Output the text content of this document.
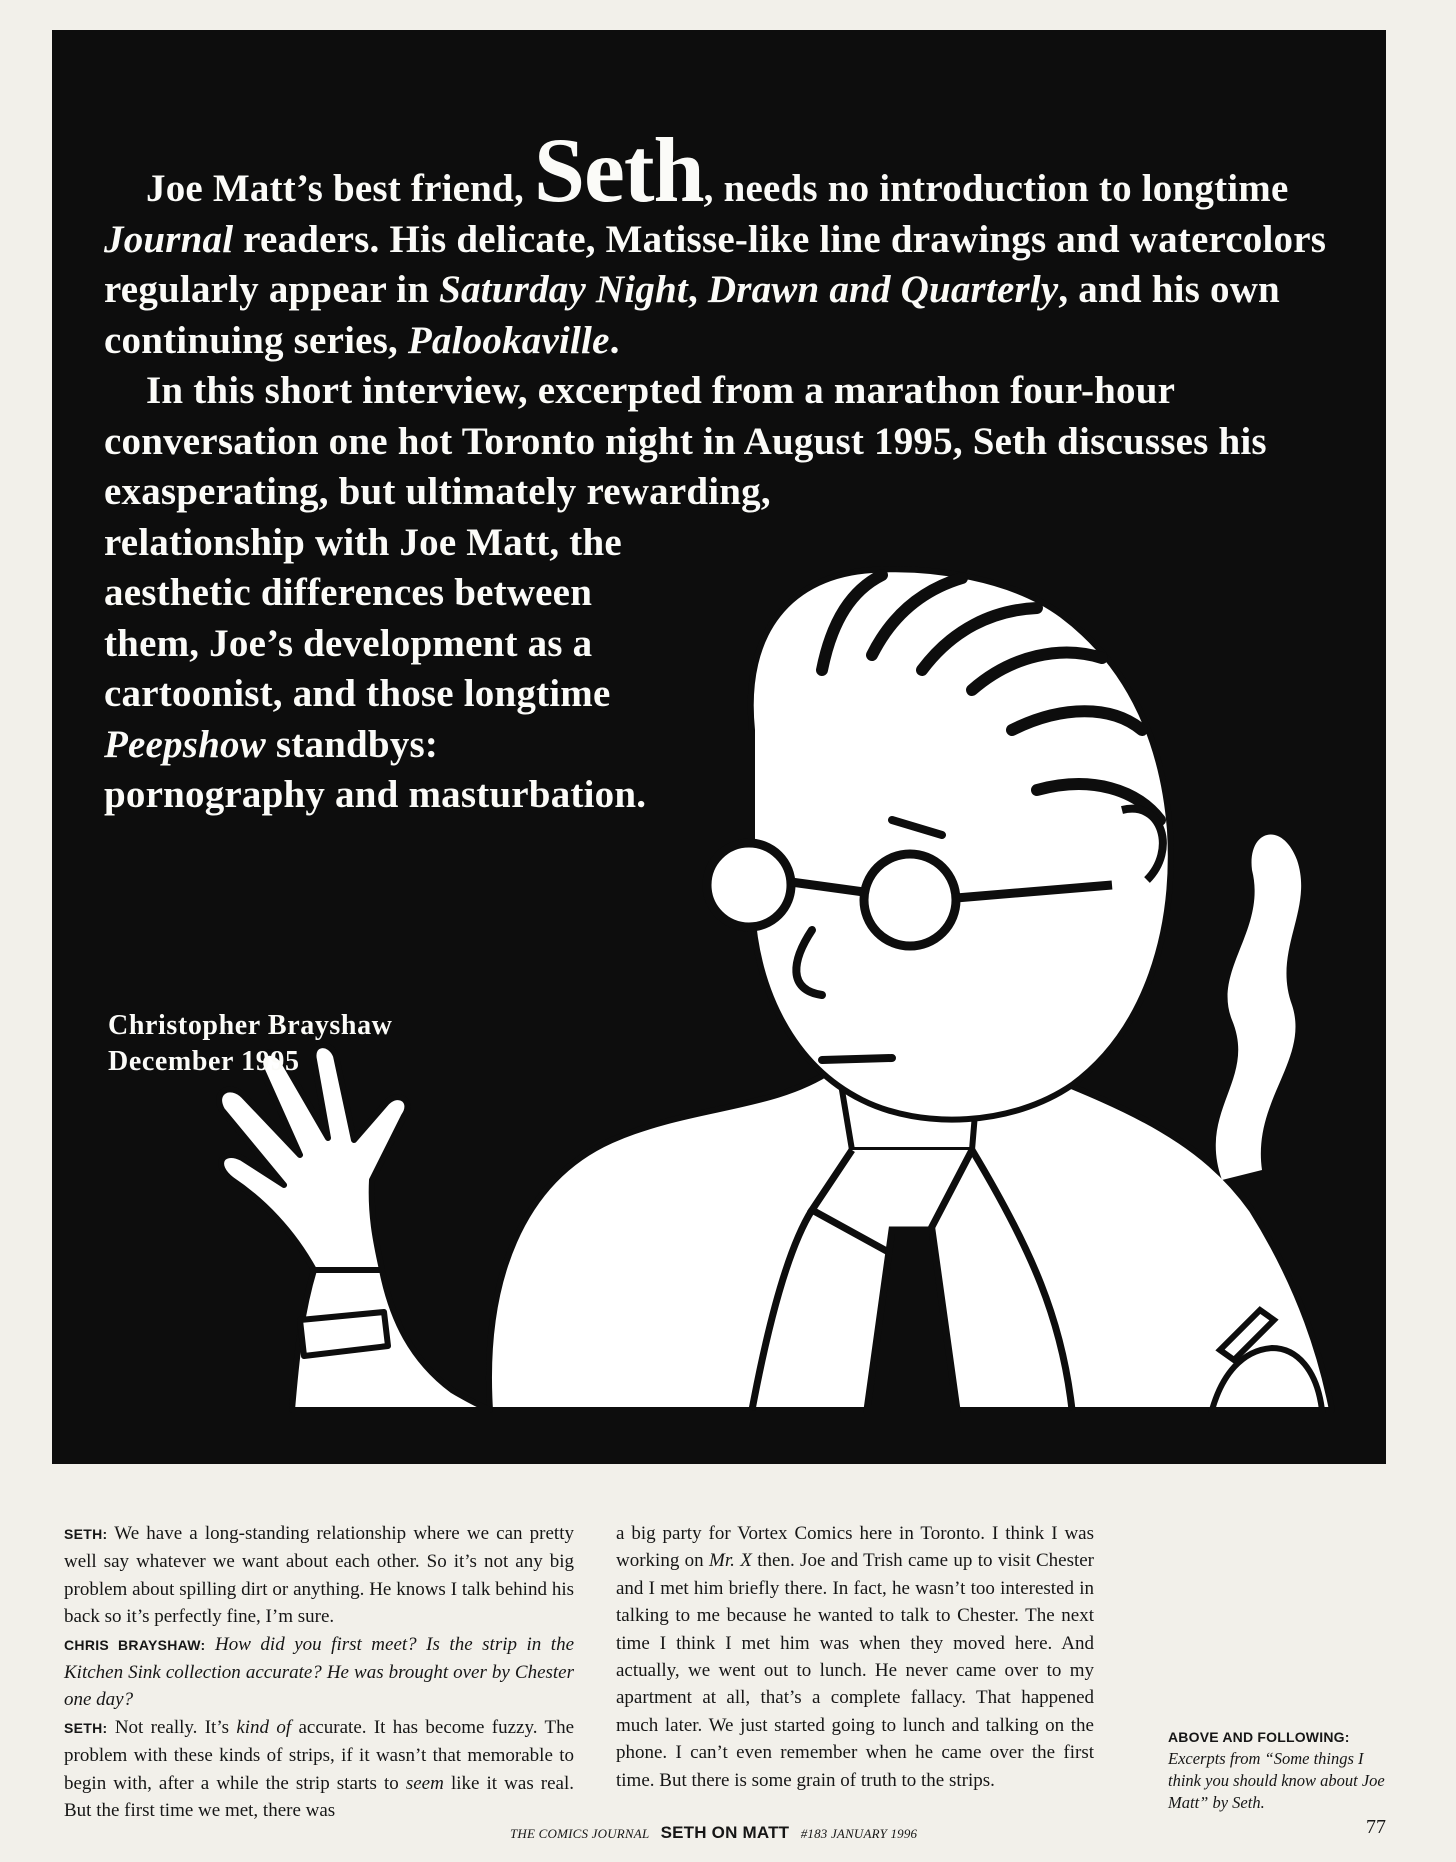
Joe Matt’s best friend, Seth, needs no introduction to longtime Journal readers. His delicate, Matisse-like line drawings and watercolors regularly appear in Saturday Night, Drawn and Quarterly, and his own continuing series, Palookaville.

In this short interview, excerpted from a marathon four-hour conversation one hot Toronto night in August 1995, Seth discusses his exasperating, but ultimately rewarding,

relationship with Joe Matt, the aesthetic differences between them, Joe’s development as a cartoonist, and those longtime Peepshow standbys: pornography and masturbation.

Christopher Brayshaw
December 1995
SETH: We have a long-standing relationship where we can pretty well say whatever we want about each other. So it’s not any big problem about spilling dirt or anything. He knows I talk behind his back so it’s perfectly fine, I’m sure.
CHRIS BRAYSHAW: How did you first meet? Is the strip in the Kitchen Sink collection accurate? He was brought over by Chester one day?
SETH: Not really. It’s kind of accurate. It has become fuzzy. The problem with these kinds of strips, if it wasn’t that memorable to begin with, after a while the strip starts to seem like it was real. But the first time we met, there was
a big party for Vortex Comics here in Toronto. I think I was working on Mr. X then. Joe and Trish came up to visit Chester and I met him briefly there. In fact, he wasn’t too interested in talking to me because he wanted to talk to Chester. The next time I think I met him was when they moved here. And actually, we went out to lunch. He never came over to my apartment at all, that’s a complete fallacy. That happened much later. We just started going to lunch and talking on the phone. I can’t even remember when he came over the first time. But there is some grain of truth to the strips.
ABOVE AND FOLLOWING:
Excerpts from “Some things I think you should know about Joe Matt” by Seth.
THE COMICS JOURNAL SETH ON MATT #183 JANUARY 1996	77
